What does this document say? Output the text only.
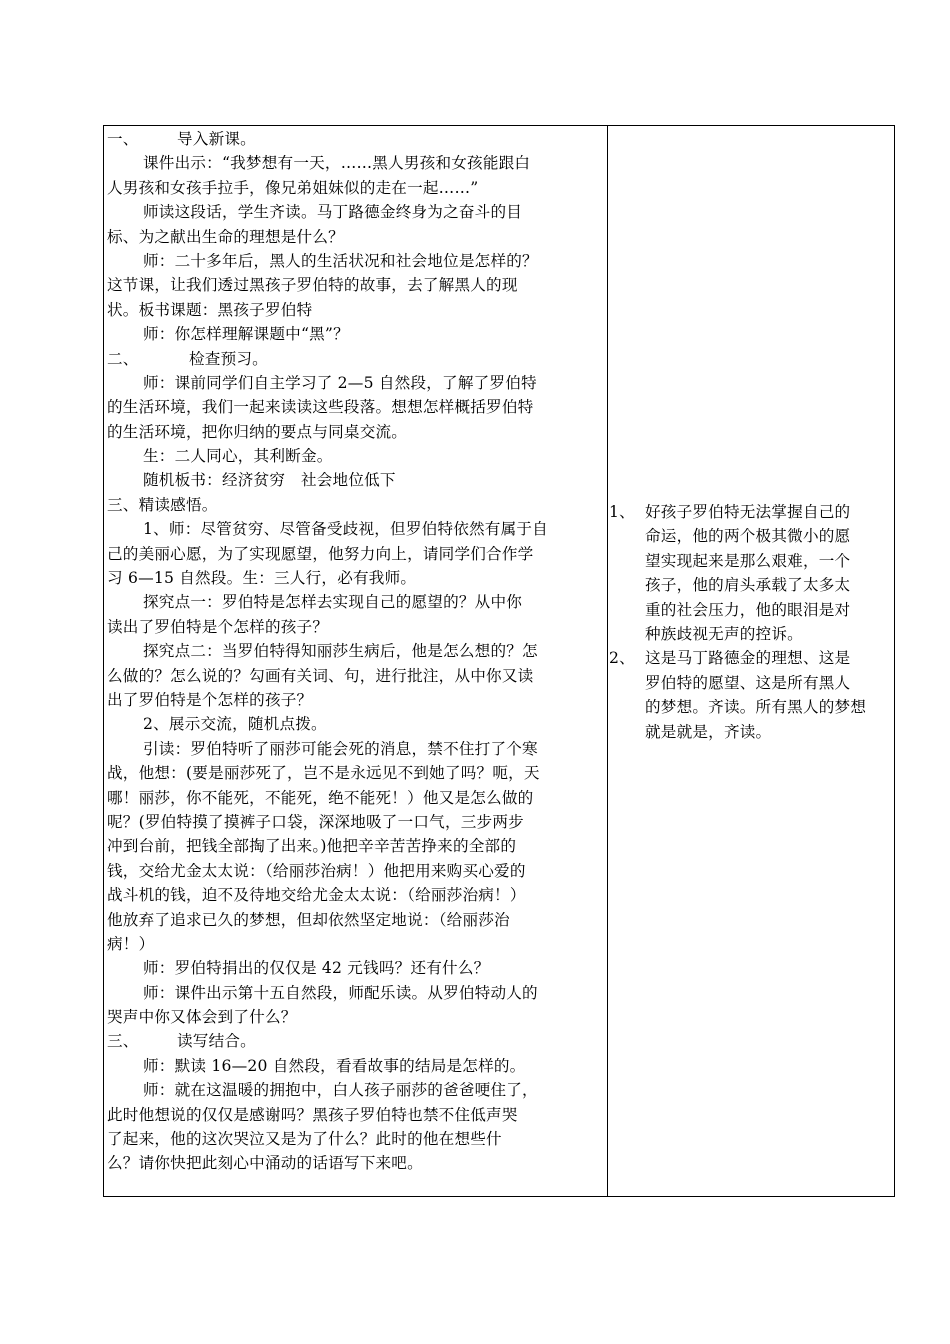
一、 导入新课。
课件出示：“我梦想有一天，……黑人男孩和女孩能跟白
人男孩和女孩手拉手，像兄弟姐妹似的走在一起……”
师读这段话，学生齐读。马丁路德金终身为之奋斗的目
标、为之献出生命的理想是什么？
师：二十多年后，黑人的生活状况和社会地位是怎样的？
这节课，让我们透过黑孩子罗伯特的故事，去了解黑人的现
状。板书课题：黑孩子罗伯特
师：你怎样理解课题中“黑”？
二、	检查预习。
师：课前同学们自主学习了 2—5 自然段，了解了罗伯特
的生活环境，我们一起来读读这些段落。想想怎样概括罗伯特
的生活环境，把你归纳的要点与同桌交流。
生：二人同心，其利断金。
随机板书：经济贫穷　社会地位低下
三、精读感悟。
1、师：尽管贫穷、尽管备受歧视，但罗伯特依然有属于自
己的美丽心愿，为了实现愿望，他努力向上，请同学们合作学
习 6—15 自然段。生：三人行，必有我师。
探究点一：罗伯特是怎样去实现自己的愿望的？从中你
读出了罗伯特是个怎样的孩子？
探究点二：当罗伯特得知丽莎生病后，他是怎么想的？怎
么做的？怎么说的？勾画有关词、句，进行批注，从中你又读
出了罗伯特是个怎样的孩子？
2、展示交流，随机点拨。
引读：罗伯特听了丽莎可能会死的消息，禁不住打了个寒
战，他想：(要是丽莎死了，岂不是永远见不到她了吗？呃，天
哪！丽莎，你不能死，不能死，绝不能死！）他又是怎么做的
呢？(罗伯特摸了摸裤子口袋，深深地吸了一口气，三步两步
冲到台前，把钱全部掏了出来。)他把辛辛苦苦挣来的全部的
钱，交给尤金太太说：（给丽莎治病！）他把用来购买心爱的
战斗机的钱，迫不及待地交给尤金太太说：（给丽莎治病！）
他放弃了追求已久的梦想，但却依然坚定地说：（给丽莎治
病！）
师：罗伯特捐出的仅仅是 42 元钱吗？还有什么？
师：课件出示第十五自然段，师配乐读。从罗伯特动人的
哭声中你又体会到了什么？
三、 读写结合。
师：默读 16—20 自然段，看看故事的结局是怎样的。
师：就在这温暖的拥抱中，白人孩子丽莎的爸爸哽住了，
此时他想说的仅仅是感谢吗？黑孩子罗伯特也禁不住低声哭
了起来，他的这次哭泣又是为了什么？此时的他在想些什
么？请你快把此刻心中涌动的话语写下来吧。
1、 好孩子罗伯特无法掌握自己的
命运，他的两个极其微小的愿
望实现起来是那么艰难，一个
孩子，他的肩头承载了太多太
重的社会压力，他的眼泪是对
种族歧视无声的控诉。
2、 这是马丁路德金的理想、这是
罗伯特的愿望、这是所有黑人
的梦想。齐读。所有黑人的梦想
就是就是，齐读。
